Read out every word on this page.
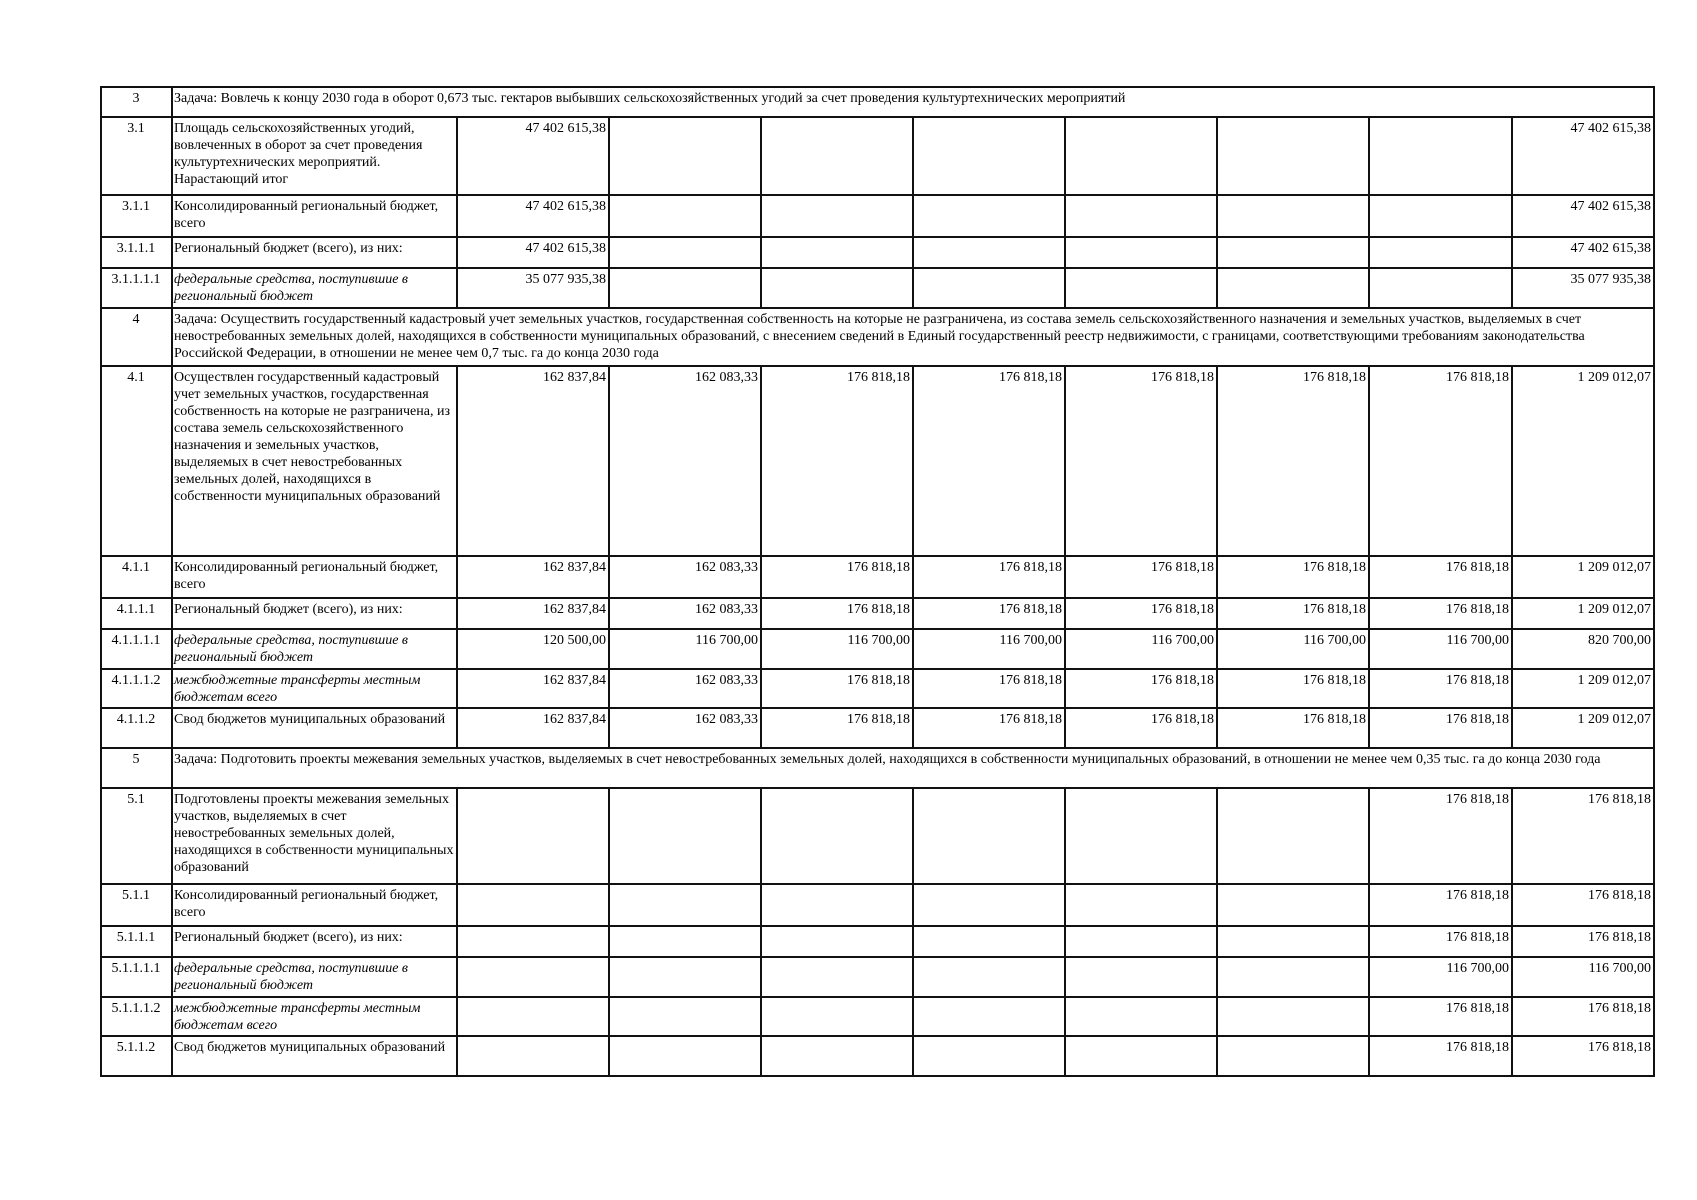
3	Задача: Вовлечь к концу 2030 года в оборот 0,673 тыс. гектаров выбывших сельскохозяйственных угодий за счет проведения культуртехнических мероприятий								
3.1	Площадь сельскохозяйственных угодий, вовлеченных в оборот за счет проведения культуртехнических мероприятий. Нарастающий итог	47 402 615,38							47 402 615,38
3.1.1	Консолидированный региональный бюджет, всего	47 402 615,38							47 402 615,38
3.1.1.1	Региональный бюджет (всего), из них:	47 402 615,38							47 402 615,38
3.1.1.1.1	федеральные средства, поступившие в региональный бюджет	35 077 935,38							35 077 935,38
4	Задача: Осуществить государственный кадастровый учет земельных участков, государственная собственность на которые не разграничена, из состава земель сельскохозяйственного назначения и земельных участков, выделяемых в счет невостребованных земельных долей, находящихся в собственности муниципальных образований, с внесением сведений в Единый государственный реестр недвижимости, с границами, соответствующими требованиям законодательства Российской Федерации, в отношении не менее чем 0,7 тыс. га до конца 2030 года								
4.1	Осуществлен государственный кадастровый учет земельных участков, государственная собственность на которые не разграничена, из состава земель сельскохозяйственного назначения и земельных участков, выделяемых в счет невостребованных земельных долей, находящихся в собственности муниципальных образований	162 837,84	162 083,33	176 818,18	176 818,18	176 818,18	176 818,18	176 818,18	1 209 012,07
4.1.1	Консолидированный региональный бюджет, всего	162 837,84	162 083,33	176 818,18	176 818,18	176 818,18	176 818,18	176 818,18	1 209 012,07
4.1.1.1	Региональный бюджет (всего), из них:	162 837,84	162 083,33	176 818,18	176 818,18	176 818,18	176 818,18	176 818,18	1 209 012,07
4.1.1.1.1	федеральные средства, поступившие в региональный бюджет	120 500,00	116 700,00	116 700,00	116 700,00	116 700,00	116 700,00	116 700,00	820 700,00
4.1.1.1.2	межбюджетные трансферты местным бюджетам всего	162 837,84	162 083,33	176 818,18	176 818,18	176 818,18	176 818,18	176 818,18	1 209 012,07
4.1.1.2	Свод бюджетов муниципальных образований	162 837,84	162 083,33	176 818,18	176 818,18	176 818,18	176 818,18	176 818,18	1 209 012,07
5	Задача: Подготовить проекты межевания земельных участков, выделяемых в счет невостребованных земельных долей, находящихся в собственности муниципальных образований, в отношении не менее чем 0,35 тыс. га до конца 2030 года								
5.1	Подготовлены проекты межевания земельных участков, выделяемых в счет невостребованных земельных долей, находящихся в собственности муниципальных образований							176 818,18	176 818,18
5.1.1	Консолидированный региональный бюджет, всего							176 818,18	176 818,18
5.1.1.1	Региональный бюджет (всего), из них:							176 818,18	176 818,18
5.1.1.1.1	федеральные средства, поступившие в региональный бюджет							116 700,00	116 700,00
5.1.1.1.2	межбюджетные трансферты местным бюджетам всего							176 818,18	176 818,18
5.1.1.2	Свод бюджетов муниципальных образований							176 818,18	176 818,18
